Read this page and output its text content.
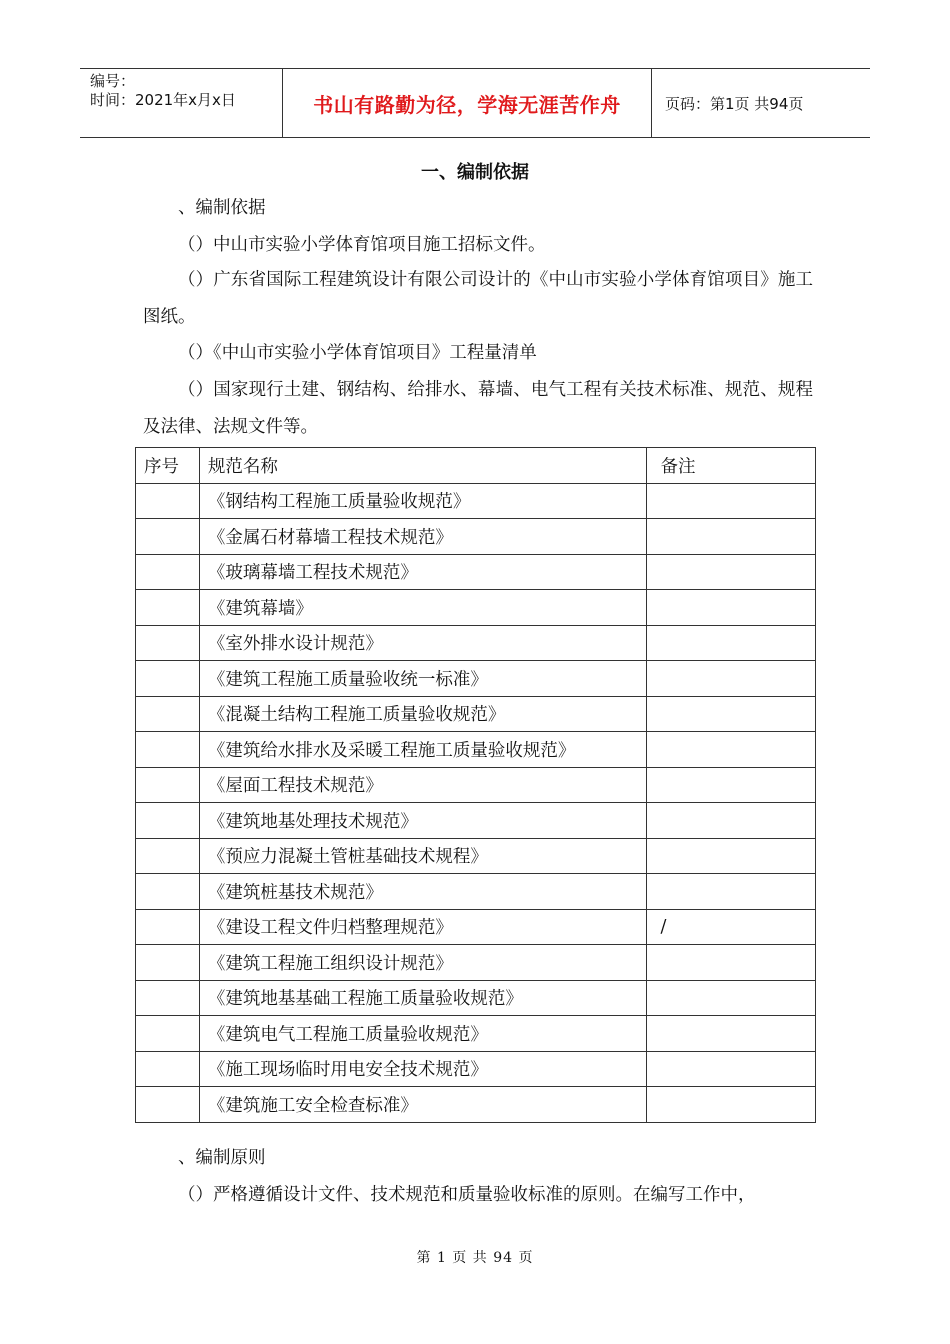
编号：
时间：2021年x月x日	书山有路勤为径，学海无涯苦作舟	页码：第1页 共94页
一、编制依据
、编制依据
（）中山市实验小学体育馆项目施工招标文件。
（）广东省国际工程建筑设计有限公司设计的《中山市实验小学体育馆项目》施工图纸。
（）《中山市实验小学体育馆项目》工程量清单
（）国家现行土建、钢结构、给排水、幕墙、电气工程有关技术标准、规范、规程及法律、法规文件等。
序号	规范名称	备注
	《钢结构工程施工质量验收规范》	
	《金属石材幕墙工程技术规范》	
	《玻璃幕墙工程技术规范》	
	《建筑幕墙》	
	《室外排水设计规范》	
	《建筑工程施工质量验收统一标准》	
	《混凝土结构工程施工质量验收规范》	
	《建筑给水排水及采暖工程施工质量验收规范》	
	《屋面工程技术规范》	
	《建筑地基处理技术规范》	
	《预应力混凝土管桩基础技术规程》	
	《建筑桩基技术规范》	
	《建设工程文件归档整理规范》	/
	《建筑工程施工组织设计规范》	
	《建筑地基基础工程施工质量验收规范》	
	《建筑电气工程施工质量验收规范》	
	《施工现场临时用电安全技术规范》	
	《建筑施工安全检查标准》	
、编制原则
（）严格遵循设计文件、技术规范和质量验收标准的原则。在编写工作中，
第 1 页 共 94 页
